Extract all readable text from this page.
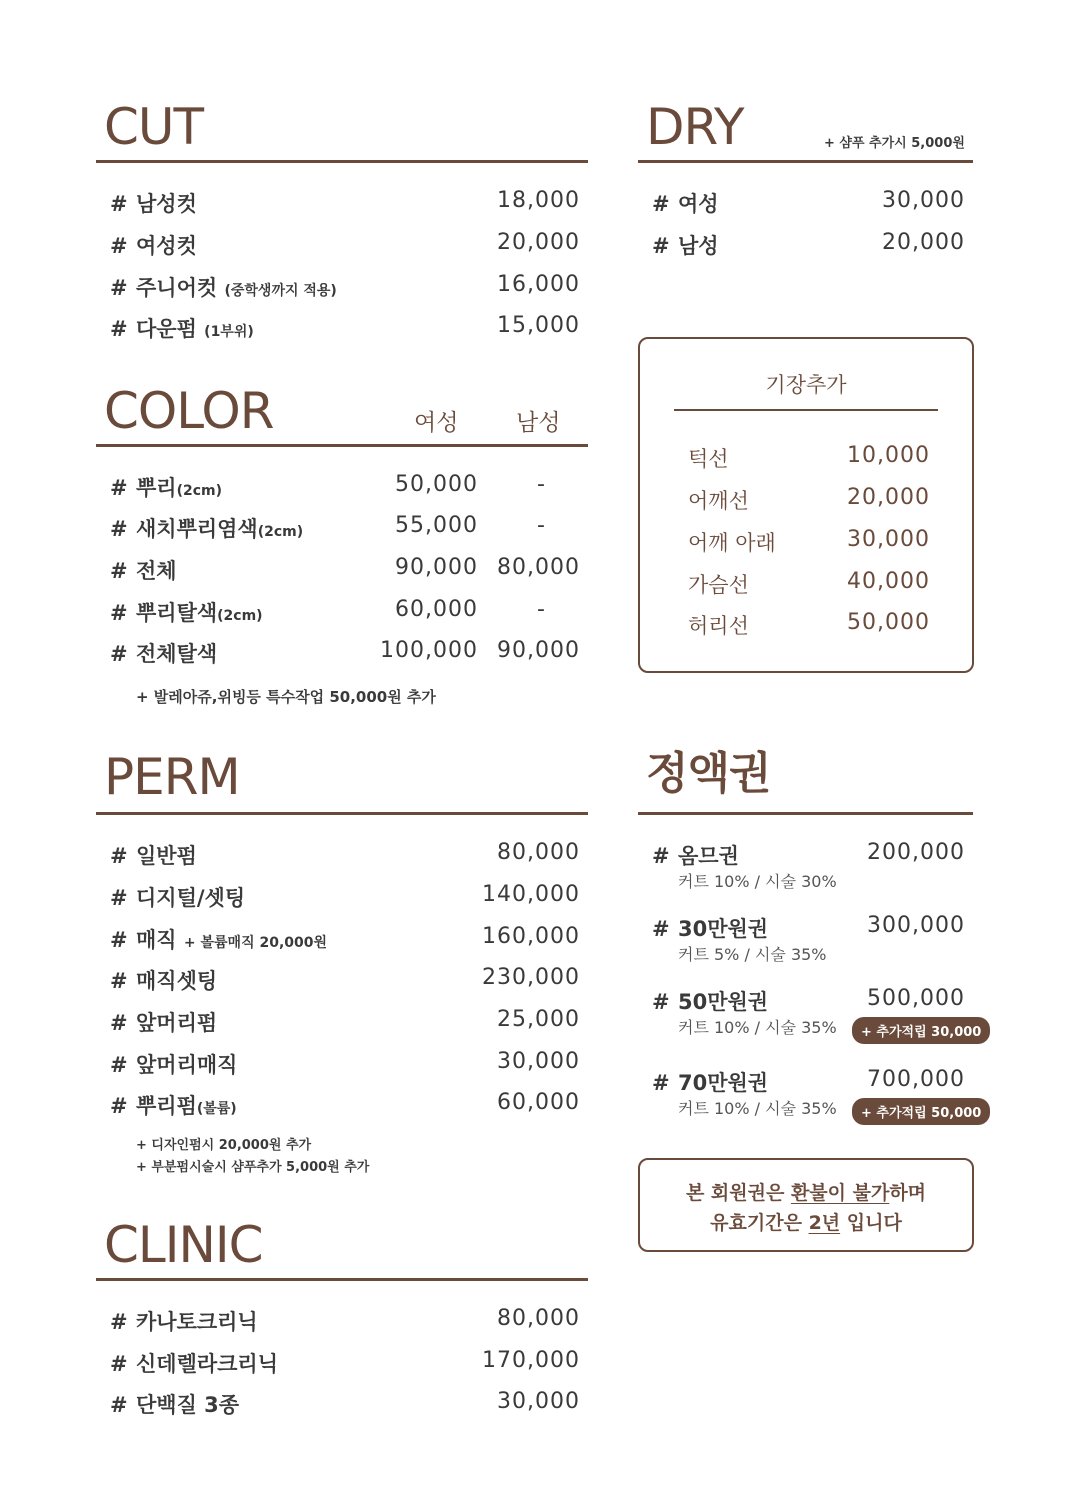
CUT
# 남성컷	18,000
# 여성컷	20,000
# 주니어컷 (중학생까지 적용)	16,000
# 다운펌 (1부위)	15,000
DRY	+ 샴푸 추가시 5,000원
# 여성	30,000
# 남성	20,000
COLOR	여성	남성
# 뿌리(2cm)	50,000	-
# 새치뿌리염색(2cm)	55,000	-
# 전체	90,000 80,000
# 뿌리탈색(2cm)	60,000	-
# 전체탈색	100,000 90,000
+ 발레아쥬,위빙등 특수작업 50,000원 추가
기장추가
턱선	10,000
어깨선	20,000
어깨 아래	30,000
가슴선	40,000
허리선	50,000
PERM
# 일반펌	80,000
# 디지털/셋팅	140,000
# 매직 + 볼륨매직 20,000원	160,000
# 매직셋팅	230,000
# 앞머리펌	25,000
# 앞머리매직	30,000
# 뿌리펌(볼륨)	60,000
+ 디자인펌시 20,000원 추가
+ 부분펌시술시 샴푸추가 5,000원 추가
정액권
# 옴므권	200,000
커트 10% / 시술 30%
# 30만원권	300,000
커트 5% / 시술 35%
# 50만원권	500,000
커트 10% / 시술 35%	+ 추가적립 30,000
# 70만원권	700,000
커트 10% / 시술 35%	+ 추가적립 50,000
본 회원권은 환불이 불가하며
유효기간은 2년 입니다
CLINIC
# 카나토크리닉	80,000
# 신데렐라크리닉	170,000
# 단백질 3종	30,000
